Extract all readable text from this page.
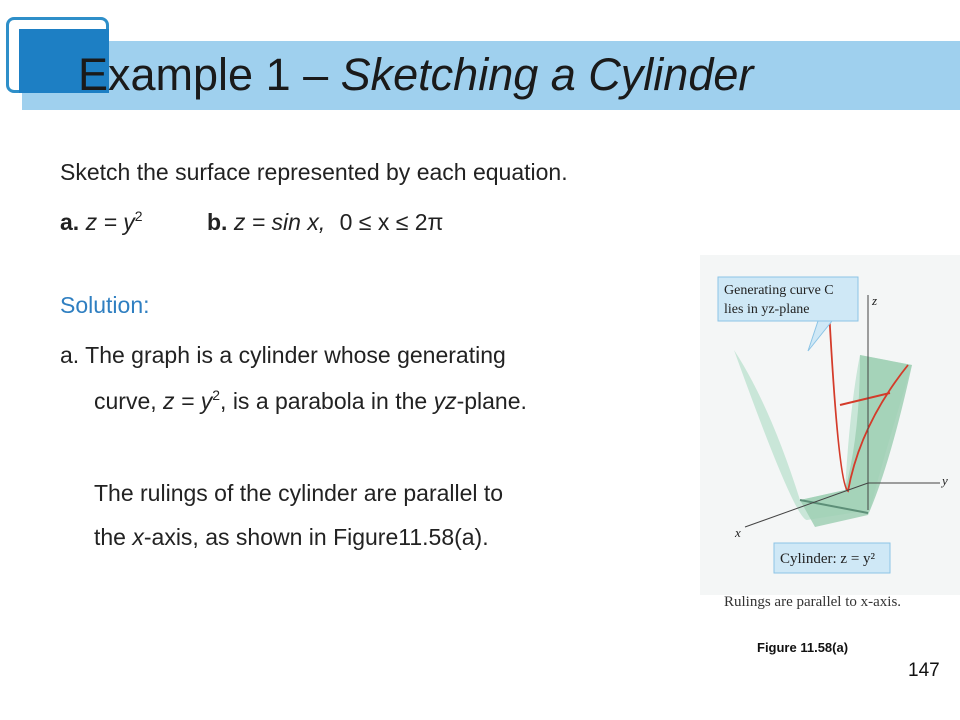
Example 1 – Sketching a Cylinder
Sketch the surface represented by each equation.
a. $z = y^2$	b. z = sin x, 0 ≤ x ≤ 2π
Solution:
a. The graph is a cylinder whose generating
curve, $z = y^2$, is a parabola in the yz-plane.
The rulings of the cylinder are parallel to
the x-axis, as shown in Figure11.58(a).
z
y
x
Generating curve C
lies in yz-plane
Cylinder: z = y²
Rulings are parallel to x-axis.
Figure 11.58(a)
147
